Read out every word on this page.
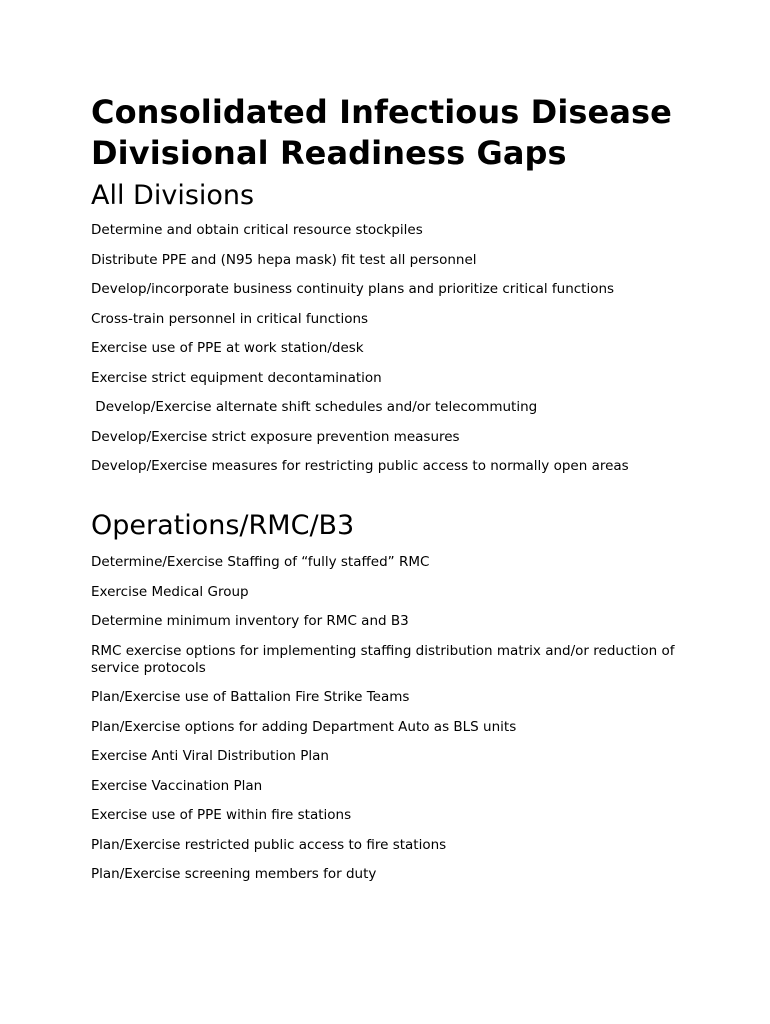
Consolidated Infectious Disease Divisional Readiness Gaps
All Divisions
Determine and obtain critical resource stockpiles
Distribute PPE and (N95 hepa mask) fit test all personnel
Develop/incorporate business continuity plans and prioritize critical functions
Cross-train personnel in critical functions
Exercise use of PPE at work station/desk
Exercise strict equipment decontamination
Develop/Exercise alternate shift schedules and/or telecommuting
Develop/Exercise strict exposure prevention measures
Develop/Exercise measures for restricting public access to normally open areas
Operations/RMC/B3
Determine/Exercise Staffing of “fully staffed” RMC
Exercise Medical Group
Determine minimum inventory for RMC and B3
RMC exercise options for implementing staffing distribution matrix and/or reduction of service protocols
Plan/Exercise use of Battalion Fire Strike Teams
Plan/Exercise options for adding Department Auto as BLS units
Exercise Anti Viral Distribution Plan
Exercise Vaccination Plan
Exercise use of PPE within fire stations
Plan/Exercise restricted public access to fire stations
Plan/Exercise screening members for duty
